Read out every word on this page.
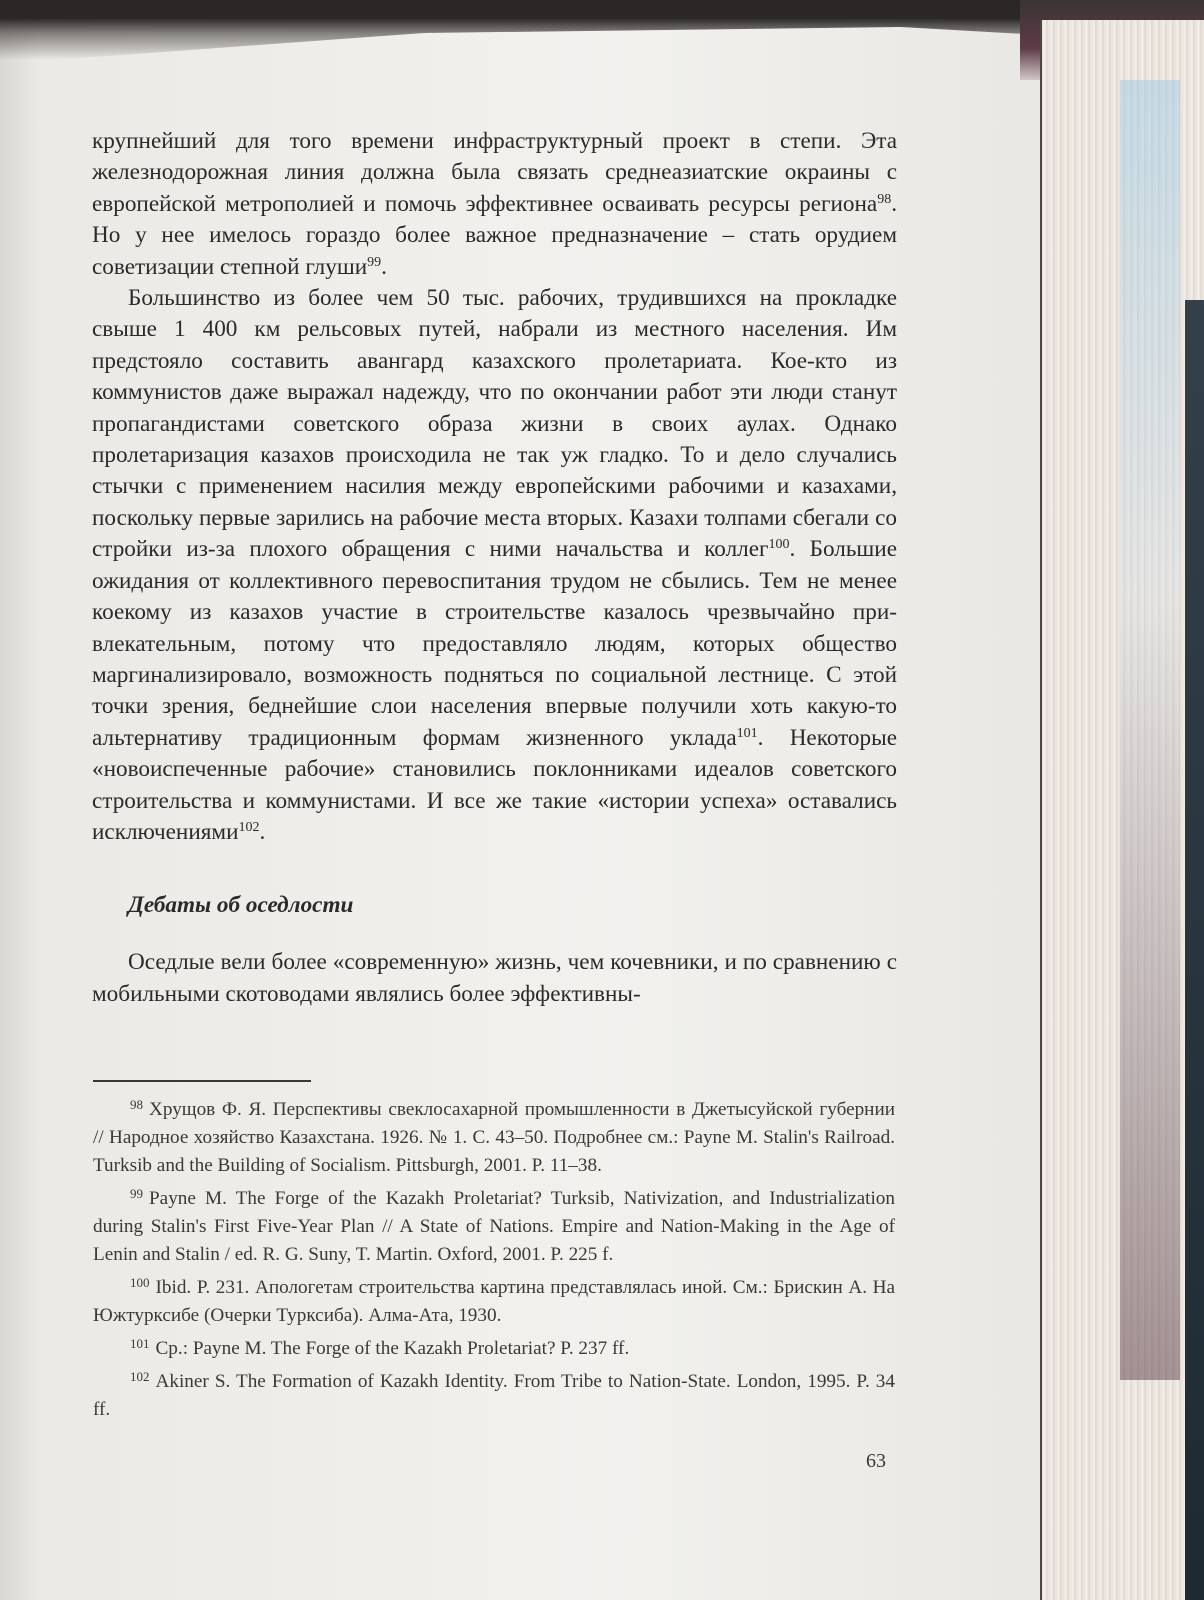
крупнейший для того времени инфраструктурный проект в степи. Эта железнодорожная линия должна была связать среднеазиатские окраины с европейской метрополией и помочь эффективнее осваивать ресурсы региона$^{98}$. Но у нее имелось гораздо более важное предназначение – стать орудием советизации степной глуши$^{99}$.

Большинство из более чем 50 тыс. рабочих, трудившихся на прокладке свыше 1 400 км рельсовых путей, набрали из местного населения. Им предстояло составить авангард казахского пролетариата. Кое-кто из коммунистов даже выражал надежду, что по окончании работ эти люди станут пропагандистами советского образа жизни в своих аулах. Однако пролетаризация казахов происходила не так уж гладко. То и дело случались стычки с применением насилия между европейскими рабочими и казахами, поскольку первые зарились на рабочие места вторых. Казахи толпами сбегали со стройки из-за плохого обращения с ними начальства и коллег$^{100}$. Большие ожидания от коллективного перевоспитания трудом не сбылись. Тем не менее коекому из казахов участие в строительстве казалось чрезвычайно привлекательным, потому что предоставляло людям, которых общество маргинализировало, возможность подняться по социальной лестнице. С этой точки зрения, беднейшие слои населения впервые получили хоть какую-то альтернативу традиционным формам жизненного уклада$^{101}$. Некоторые «новоиспеченные рабочие» становились поклонниками идеалов советского строительства и коммунистами. И все же такие «истории успеха» оставались исключениями$^{102}$.

Дебаты об оседлости

Оседлые вели более «современную» жизнь, чем кочевники, и по сравнению с мобильными скотоводами являлись более эффективны-

$^{98}$ Хрущов Ф. Я. Перспективы свеклосахарной промышленности в Джетысуйской губернии // Народное хозяйство Казахстана. 1926. № 1. С. 43–50. Подробнее см.: Payne M. Stalin's Railroad. Turksib and the Building of Socialism. Pittsburgh, 2001. P. 11–38.

$^{99}$ Payne M. The Forge of the Kazakh Proletariat? Turksib, Nativization, and Industrialization during Stalin's First Five-Year Plan // A State of Nations. Empire and Nation-Making in the Age of Lenin and Stalin / ed. R. G. Suny, T. Martin. Oxford, 2001. P. 225 f.

$^{100}$ Ibid. P. 231. Апологетам строительства картина представлялась иной. См.: Брискин А. На Южтурксибе (Очерки Турксиба). Алма-Ата, 1930.

$^{101}$ Ср.: Payne M. The Forge of the Kazakh Proletariat? P. 237 ff.

$^{102}$ Akiner S. The Formation of Kazakh Identity. From Tribe to Nation-State. London, 1995. P. 34 ff.

63
